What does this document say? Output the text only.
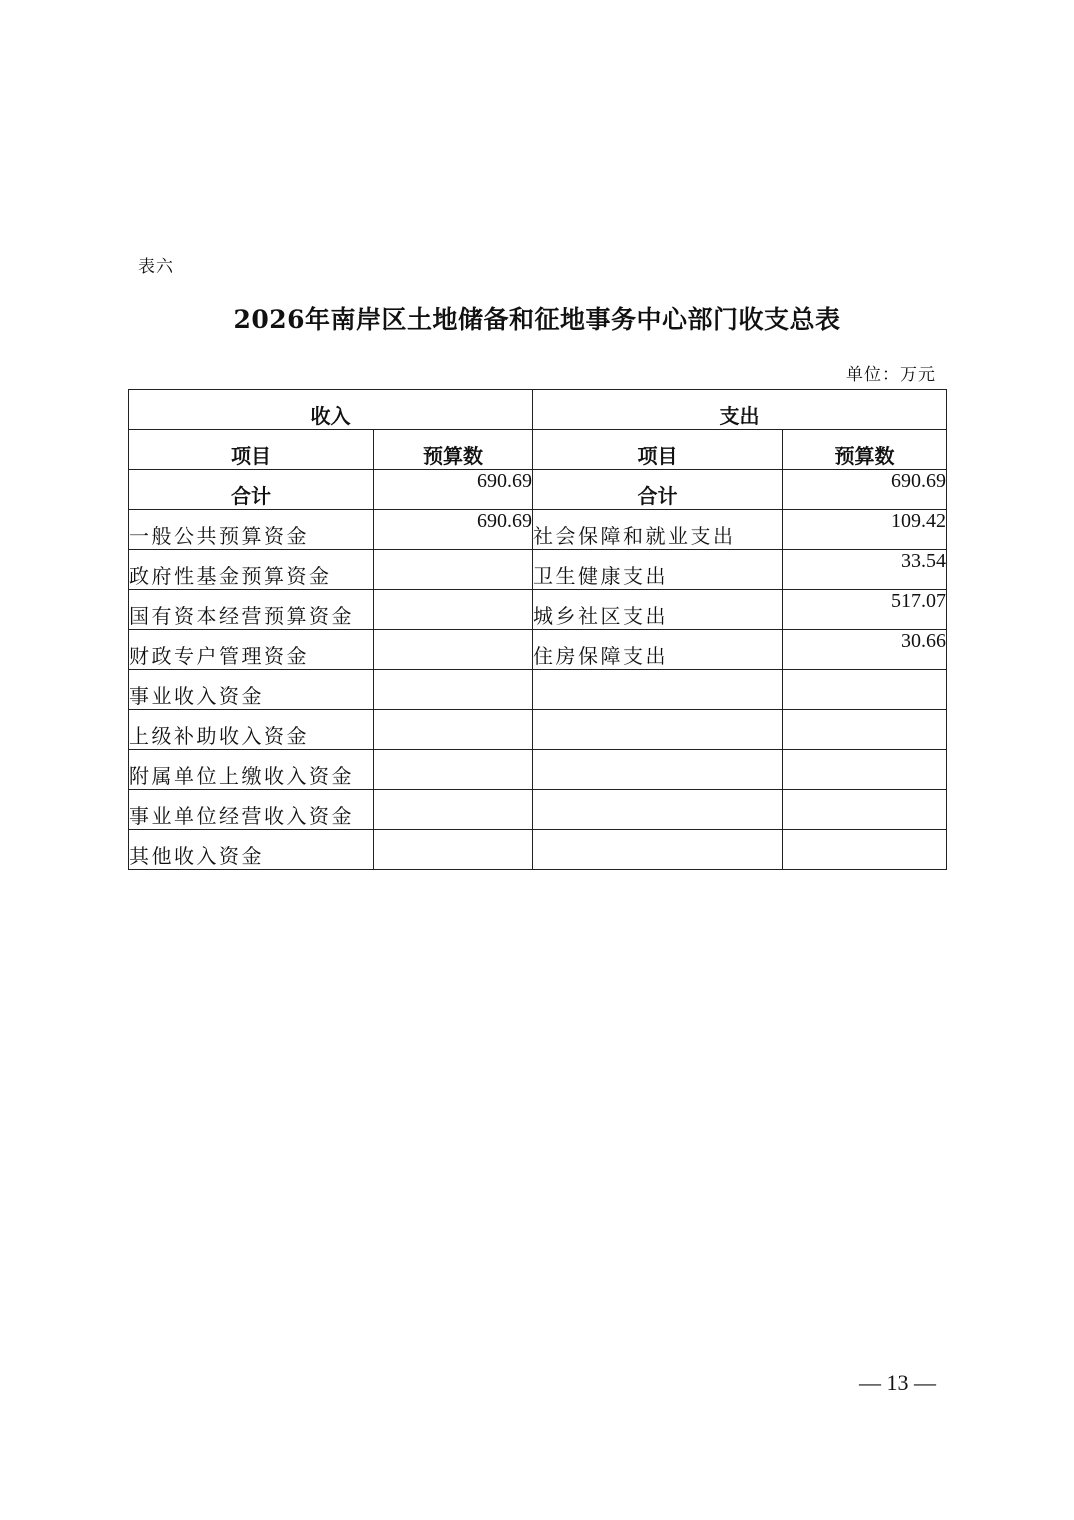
表六
2026年南岸区土地储备和征地事务中心部门收支总表
单位：万元
收入		支出	
项目	预算数	项目	预算数
合计	690.69	合计	690.69
一般公共预算资金	690.69	社会保障和就业支出	109.42
政府性基金预算资金		卫生健康支出	33.54
国有资本经营预算资金		城乡社区支出	517.07
财政专户管理资金		住房保障支出	30.66
事业收入资金			
上级补助收入资金			
附属单位上缴收入资金			
事业单位经营收入资金			
其他收入资金			
— 13 —
